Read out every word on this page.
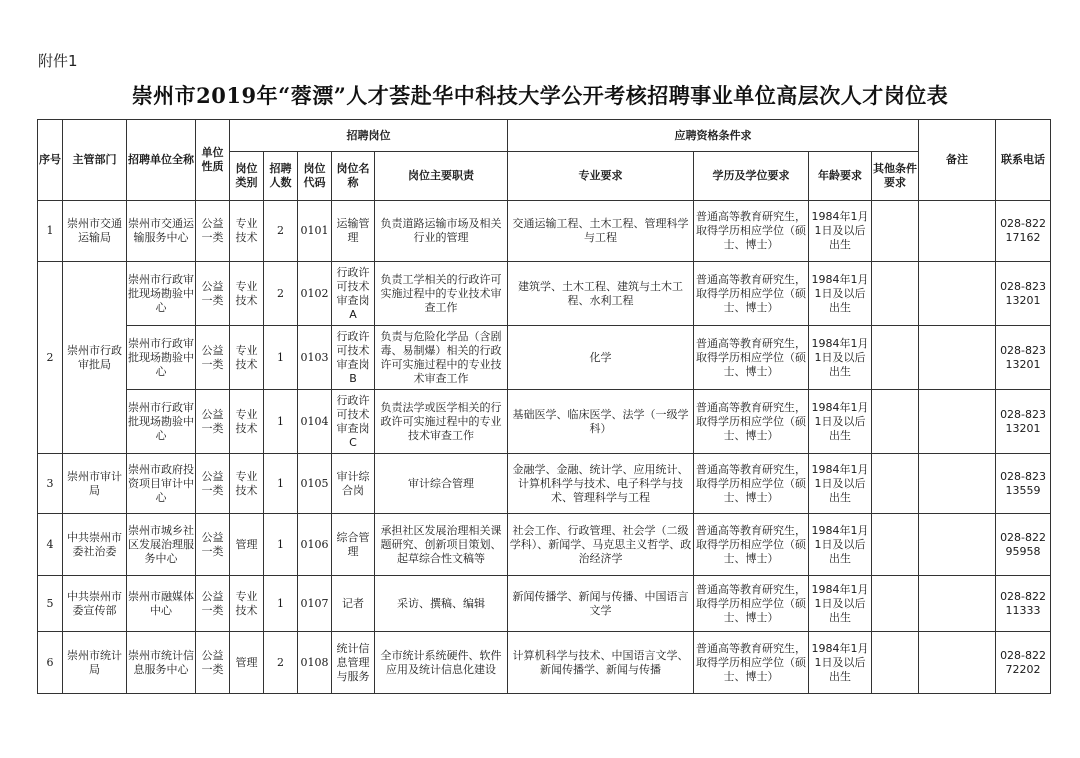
附件1
崇州市2019年“蓉漂”人才荟赴华中科技大学公开考核招聘事业单位高层次人才岗位表
序号	主管部门	招聘单位全称	单位性质	招聘岗位					应聘资格条件求				备注	联系电话
				岗位类别	招聘人数	岗位代码	岗位名称	岗位主要职责	专业要求	学历及学位要求	年龄要求	其他条件要求		
1	崇州市交通运输局	崇州市交通运输服务中心	公益一类	专业技术	2	0101	运输管理	负责道路运输市场及相关行业的管理	交通运输工程、土木工程、管理科学与工程	普通高等教育研究生，取得学历相应学位（硕士、博士）	1984年1月1日及以后出生			028-82217162
2	崇州市行政审批局	崇州市行政审批现场勘验中心	公益一类	专业技术	2	0102	行政许可技术审查岗A	负责工学相关的行政许可实施过程中的专业技术审查工作	建筑学、土木工程、建筑与土木工程、水利工程	普通高等教育研究生，取得学历相应学位（硕士、博士）	1984年1月1日及以后出生			028-82313201
		崇州市行政审批现场勘验中心	公益一类	专业技术	1	0103	行政许可技术审查岗B	负责与危险化学品（含剧毒、易制爆）相关的行政许可实施过程中的专业技术审查工作	化学	普通高等教育研究生，取得学历相应学位（硕士、博士）	1984年1月1日及以后出生			028-82313201
		崇州市行政审批现场勘验中心	公益一类	专业技术	1	0104	行政许可技术审查岗C	负责法学或医学相关的行政许可实施过程中的专业技术审查工作	基础医学、临床医学、法学（一级学科）	普通高等教育研究生，取得学历相应学位（硕士、博士）	1984年1月1日及以后出生			028-82313201
3	崇州市审计局	崇州市政府投资项目审计中心	公益一类	专业技术	1	0105	审计综合岗	审计综合管理	金融学、金融、统计学、应用统计、计算机科学与技术、电子科学与技术、管理科学与工程	普通高等教育研究生，取得学历相应学位（硕士、博士）	1984年1月1日及以后出生			028-82313559
4	中共崇州市委社治委	崇州市城乡社区发展治理服务中心	公益一类	管理	1	0106	综合管理	承担社区发展治理相关课题研究、创新项目策划、起草综合性文稿等	社会工作、行政管理、社会学（二级学科）、新闻学、马克思主义哲学、政治经济学	普通高等教育研究生，取得学历相应学位（硕士、博士）	1984年1月1日及以后出生			028-82295958
5	中共崇州市委宣传部	崇州市融媒体中心	公益一类	专业技术	1	0107	记者	采访、撰稿、编辑	新闻传播学、新闻与传播、中国语言文学	普通高等教育研究生，取得学历相应学位（硕士、博士）	1984年1月1日及以后出生			028-82211333
6	崇州市统计局	崇州市统计信息服务中心	公益一类	管理	2	0108	统计信息管理与服务	全市统计系统硬件、软件应用及统计信息化建设	计算机科学与技术、中国语言文学、新闻传播学、新闻与传播	普通高等教育研究生，取得学历相应学位（硕士、博士）	1984年1月1日及以后出生			028-82272202
